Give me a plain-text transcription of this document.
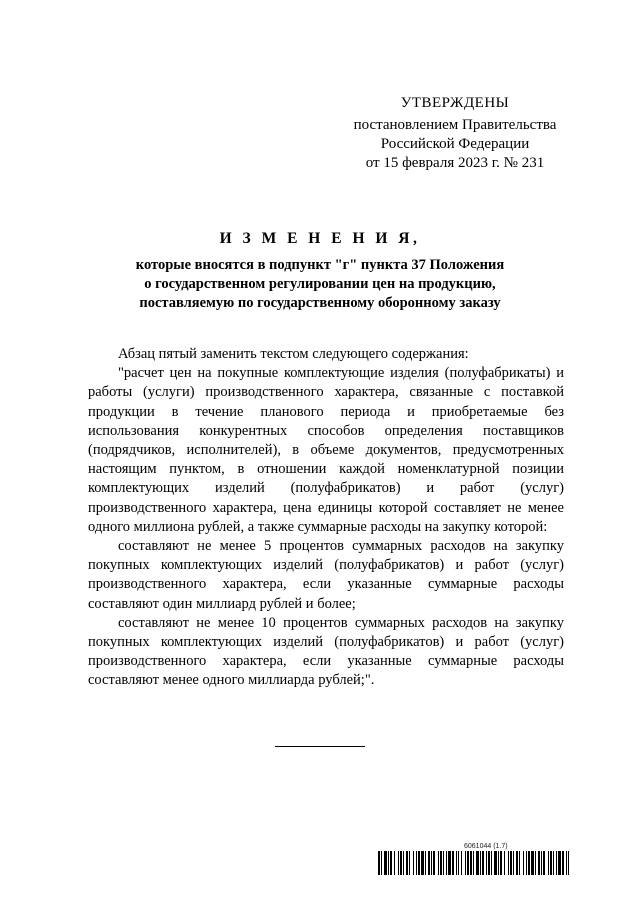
УТВЕРЖДЕНЫ
постановлением Правительства
Российской Федерации
от 15 февраля 2023 г. № 231
И З М Е Н Е Н И Я,
которые вносятся в подпункт "г" пункта 37 Положения
о государственном регулировании цен на продукцию,
поставляемую по государственному оборонному заказу

Абзац пятый заменить текстом следующего содержания:

"расчет цен на покупные комплектующие изделия (полуфабрикаты) и работы (услуги) производственного характера, связанные с поставкой продукции в течение планового периода и приобретаемые без использования конкурентных способов определения поставщиков (подрядчиков, исполнителей), в объеме документов, предусмотренных настоящим пунктом, в отношении каждой номенклатурной позиции комплектующих изделий (полуфабрикатов) и работ (услуг) производственного характера, цена единицы которой составляет не менее одного миллиона рублей, а также суммарные расходы на закупку которой:

составляют не менее 5 процентов суммарных расходов на закупку покупных комплектующих изделий (полуфабрикатов) и работ (услуг) производственного характера, если указанные суммарные расходы составляют один миллиард рублей и более;

составляют не менее 10 процентов суммарных расходов на закупку покупных комплектующих изделий (полуфабрикатов) и работ (услуг) производственного характера, если указанные суммарные расходы составляют менее одного миллиарда рублей;".

6061044 (1.7)
